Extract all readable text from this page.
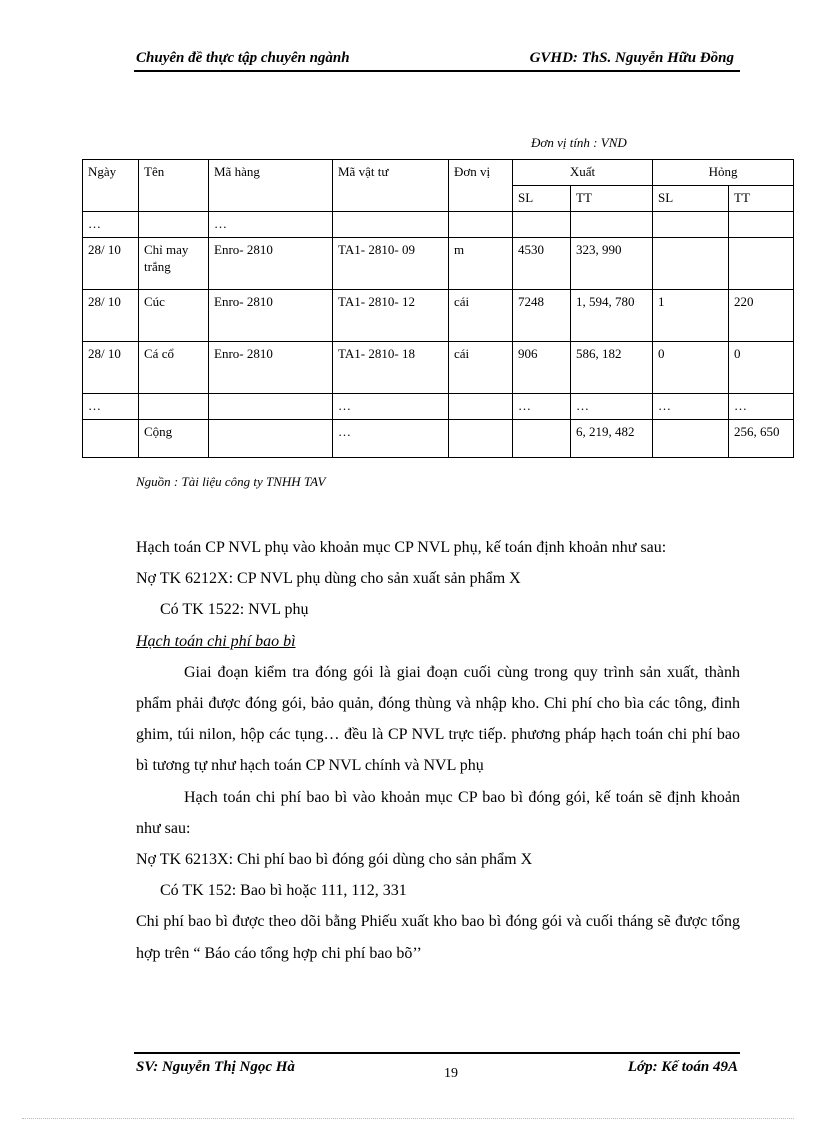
Chuyên đề thực tập chuyên ngành	GVHD: ThS. Nguyễn Hữu Đồng
Đơn vị tính : VND
Ngày	Tên	Mã hàng	Mã vật tư	Đơn vị	Xuất		Hỏng	
					SL	TT	SL	TT
…		…						
28/ 10	Chỉ may trắng	Enro- 2810	TA1- 2810- 09	m	4530	323, 990		
28/ 10	Cúc	Enro- 2810	TA1- 2810- 12	cái	7248	1, 594, 780	1	220
28/ 10	Cá cổ	Enro- 2810	TA1- 2810- 18	cái	906	586, 182	0	0
…			…		…	…	…	…
	Cộng		…			6, 219, 482		256, 650
Nguồn : Tài liệu công ty TNHH TAV

Hạch toán CP NVL phụ vào khoản mục CP NVL phụ, kế toán định khoản như sau:

Nợ TK 6212X: CP NVL phụ dùng cho sản xuất sản phẩm X

Có TK 1522: NVL phụ

Hạch toán chi phí bao bì

Giai đoạn kiểm tra đóng gói là giai đoạn cuối cùng trong quy trình sản xuất, thành phẩm phải được đóng gói, bảo quản, đóng thùng và nhập kho. Chi phí cho bìa các tông, đinh ghim, túi nilon, hộp các tụng… đều là CP NVL trực tiếp. phương pháp hạch toán chi phí bao bì tương tự như hạch toán CP NVL chính và NVL phụ

Hạch toán chi phí bao bì vào khoản mục CP bao bì đóng gói, kế toán sẽ định khoản như sau:

Nợ TK 6213X: Chi phí bao bì đóng gói dùng cho sản phẩm X

Có TK 152: Bao bì hoặc 111, 112, 331

Chi phí bao bì được theo dõi bằng Phiếu xuất kho bao bì đóng gói và cuối tháng sẽ được tổng hợp trên “ Báo cáo tổng hợp chi phí bao bõ’’

SV: Nguyễn Thị Ngọc Hà	19	Lớp: Kế toán 49A
